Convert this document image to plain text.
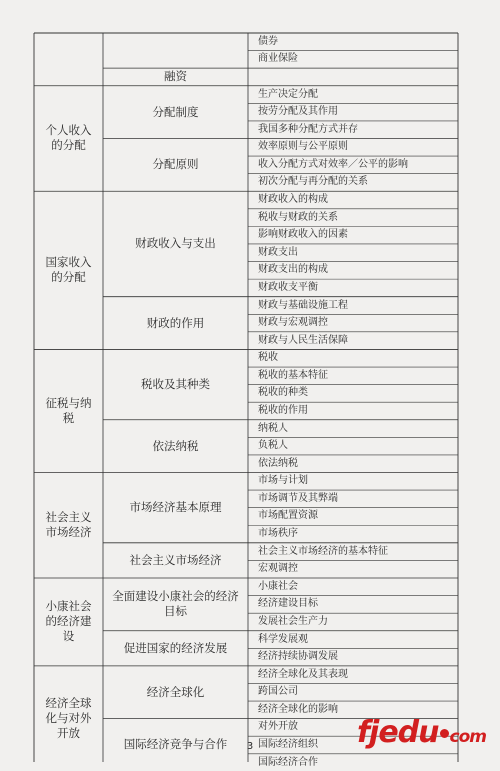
债券
商业保险
融资
分配制度
生产决定分配
按劳分配及其作用
我国多种分配方式并存
分配原则
效率原则与公平原则
收入分配方式对效率／公平的影响
初次分配与再分配的关系
财政收入与支出
财政收入的构成
税收与财政的关系
影响财政收入的因素
财政支出
财政支出的构成
财政收支平衡
财政的作用
财政与基础设施工程
财政与宏观调控
财政与人民生活保障
税收及其种类
税收
税收的基本特征
税收的种类
税收的作用
依法纳税
纳税人
负税人
依法纳税
市场经济基本原理
市场与计划
市场调节及其弊端
市场配置资源
市场秩序
社会主义市场经济
社会主义市场经济的基本特征
宏观调控
全面建设小康社会的经济目标
小康社会
经济建设目标
发展社会生产力
促进国家的经济发展
科学发展观
经济持续协调发展
经济全球化
经济全球化及其表现
跨国公司
经济全球化的影响
国际经济竞争与合作
对外开放
国际经济组织
国际经济合作
个人收入的分配
国家收入的分配
征税与纳税
社会主义市场经济
小康社会的经济建设
经济全球化与对外开放
3	fjedu com
